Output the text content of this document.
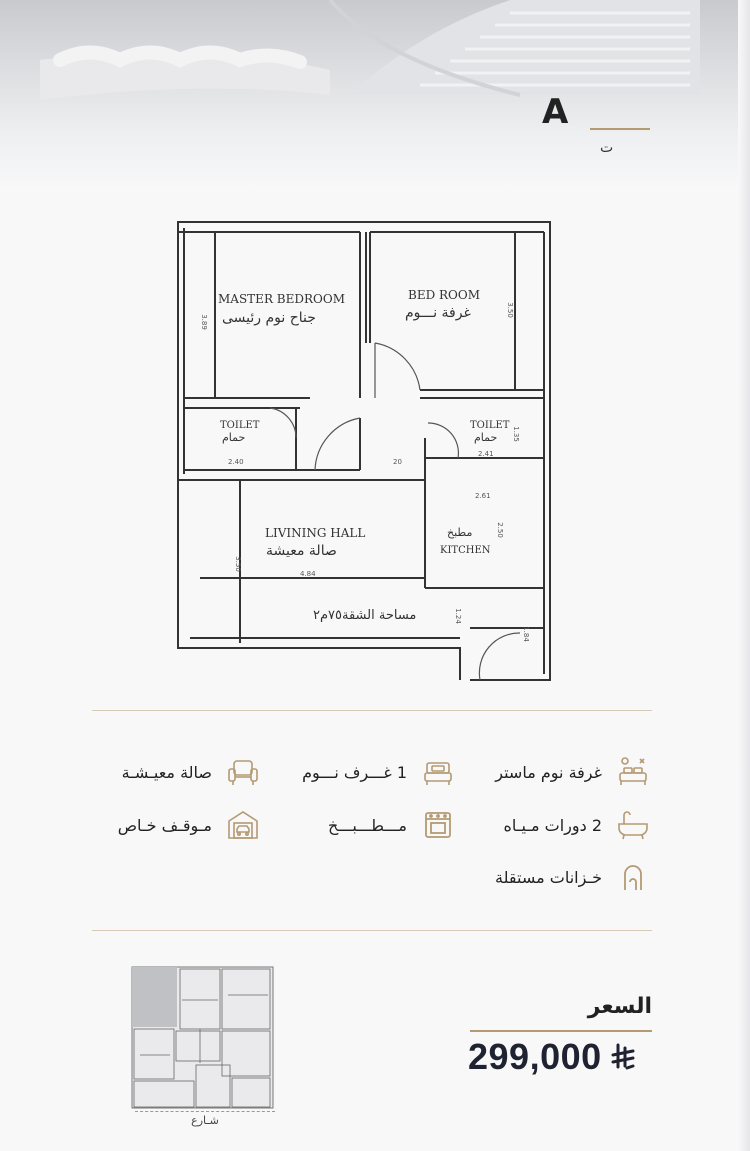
A
ت
MASTER BEDROOM
جناح نوم رئيسى
BED ROOM
غرفة نـــوم
TOILET
حمام
TOILET
حمام
LIVINING HALL
صالة معيشة
مطبخ
KITCHEN
مساحة الشقة٧٥م٢
3.89
3.50
2.40	20
2.41
1.35
2.61
2.50
3.50
4.84
1.24
1.84
غرفة نوم ماستر
1 غـــرف نـــوم
صالة معيـشـة
2 دورات مـيـاه
مـــطـــبـــخ
مـوقـف خـاص
خـزانات مستقلة
شـارع
السعر
299,000
